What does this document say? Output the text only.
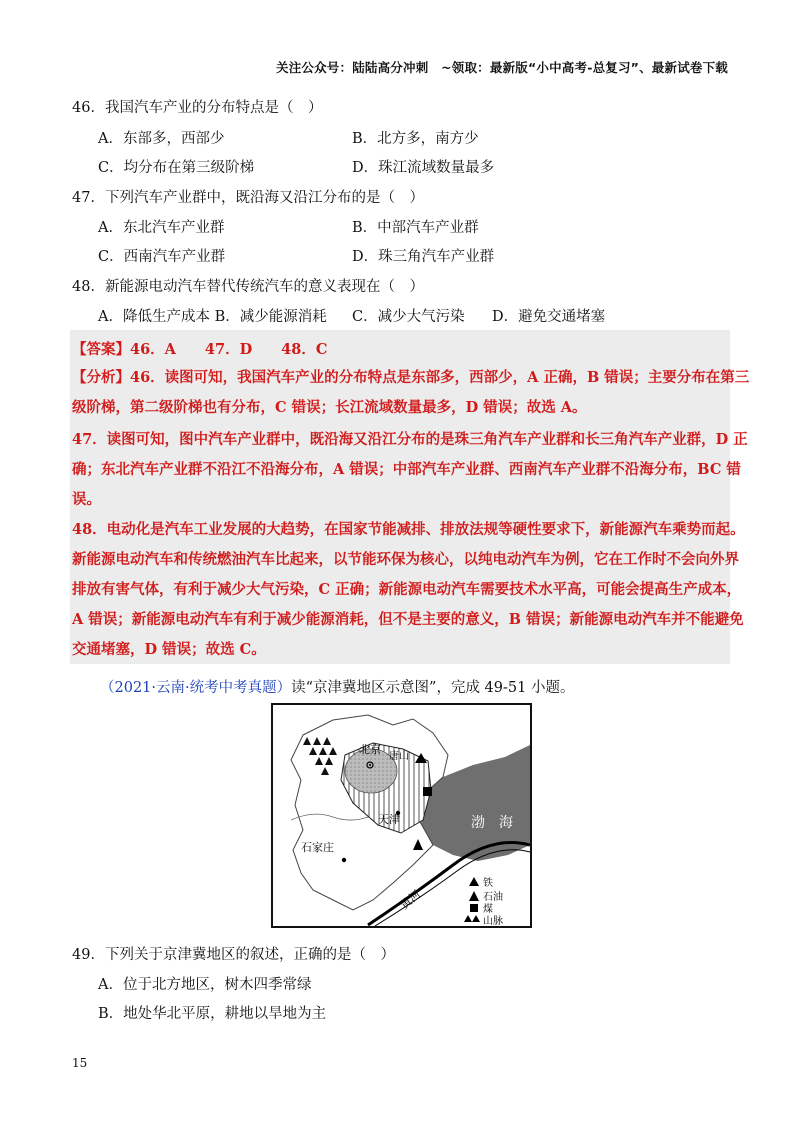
关注公众号：陆陆高分冲刺　~领取：最新版“小中高考-总复习”、最新试卷下载
46．我国汽车产业的分布特点是（　）
A．东部多，西部少	B．北方多，南方少
C．均分布在第三级阶梯	D．珠江流域数量最多
47．下列汽车产业群中，既沿海又沿江分布的是（　）
A．东北汽车产业群	B．中部汽车产业群
C．西南汽车产业群	D．珠三角汽车产业群
48．新能源电动汽车替代传统汽车的意义表现在（　）
A．降低生产成本 B．减少能源消耗 C．减少大气污染 D．避免交通堵塞
【答案】46．A　　47．D　　48．C
【分析】46．读图可知，我国汽车产业的分布特点是东部多，西部少，A 正确，B 错误；主要分布在第三
级阶梯，第二级阶梯也有分布，C 错误；长江流域数量最多，D 错误；故选 A。
47．读图可知，图中汽车产业群中，既沿海又沿江分布的是珠三角汽车产业群和长三角汽车产业群，D 正
确；东北汽车产业群不沿江不沿海分布，A 错误；中部汽车产业群、西南汽车产业群不沿海分布，BC 错
误。
48．电动化是汽车工业发展的大趋势，在国家节能减排、排放法规等硬性要求下，新能源汽车乘势而起。
新能源电动汽车和传统燃油汽车比起来，以节能环保为核心，以纯电动汽车为例，它在工作时不会向外界
排放有害气体，有利于减少大气污染，C 正确；新能源电动汽车需要技术水平高，可能会提高生产成本，
A 错误；新能源电动汽车有利于减少能源消耗，但不是主要的意义，B 错误；新能源电动汽车并不能避免
交通堵塞，D 错误；故选 C。
（2021·云南·统考中考真题）读“京津冀地区示意图”，完成 49-51 小题。
北京
唐山
天津
石家庄
渤　海
黄河
铁
石油
煤
山脉
49．下列关于京津冀地区的叙述，正确的是（　）
A．位于北方地区，树木四季常绿
B．地处华北平原，耕地以旱地为主
15
